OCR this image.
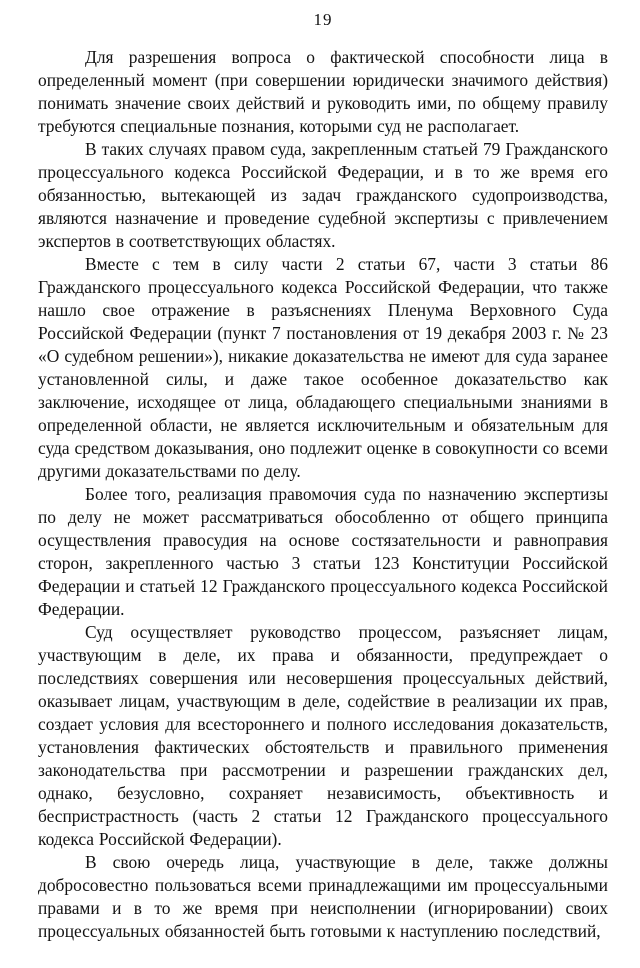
19

Для разрешения вопроса о фактической способности лица в определенный момент (при совершении юридически значимого действия) понимать значение своих действий и руководить ими, по общему правилу требуются специальные познания, которыми суд не располагает.

В таких случаях правом суда, закрепленным статьей 79 Гражданского процессуального кодекса Российской Федерации, и в то же время его обязанностью, вытекающей из задач гражданского судопроизводства, являются назначение и проведение судебной экспертизы с привлечением экспертов в соответствующих областях.

Вместе с тем в силу части 2 статьи 67, части 3 статьи 86 Гражданского процессуального кодекса Российской Федерации, что также нашло свое отражение в разъяснениях Пленума Верховного Суда Российской Федерации (пункт 7 постановления от 19 декабря 2003 г. № 23 «О судебном решении»), никакие доказательства не имеют для суда заранее установленной силы, и даже такое особенное доказательство как заключение, исходящее от лица, обладающего специальными знаниями в определенной области, не является исключительным и обязательным для суда средством доказывания, оно подлежит оценке в совокупности со всеми другими доказательствами по делу.

Более того, реализация правомочия суда по назначению экспертизы по делу не может рассматриваться обособленно от общего принципа осуществления правосудия на основе состязательности и равноправия сторон, закрепленного частью 3 статьи 123 Конституции Российской Федерации и статьей 12 Гражданского процессуального кодекса Российской Федерации.

Суд осуществляет руководство процессом, разъясняет лицам, участвующим в деле, их права и обязанности, предупреждает о последствиях совершения или несовершения процессуальных действий, оказывает лицам, участвующим в деле, содействие в реализации их прав, создает условия для всестороннего и полного исследования доказательств, установления фактических обстоятельств и правильного применения законодательства при рассмотрении и разрешении гражданских дел, однако, безусловно, сохраняет независимость, объективность и беспристрастность (часть 2 статьи 12 Гражданского процессуального кодекса Российской Федерации).

В свою очередь лица, участвующие в деле, также должны добросовестно пользоваться всеми принадлежащими им процессуальными правами и в то же время при неисполнении (игнорировании) своих процессуальных обязанностей быть готовыми к наступлению последствий,
